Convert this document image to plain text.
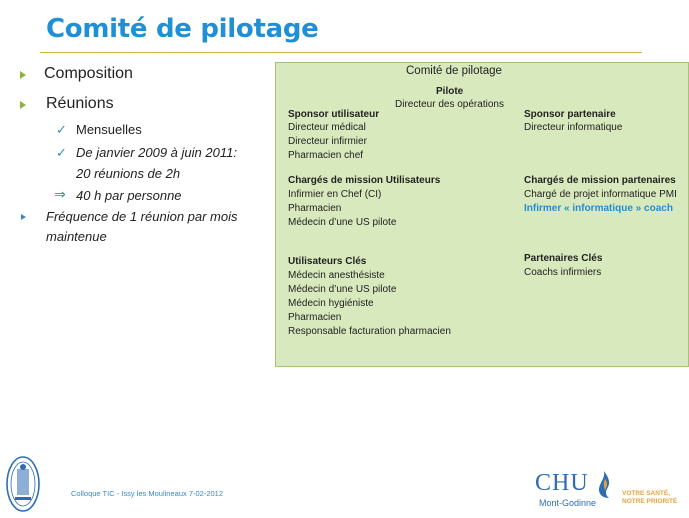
Comité de pilotage
Composition
Réunions
✓ Mensuelles
✓ De janvier 2009 à juin 2011:
20 réunions de 2h
⇒ 40 h par personne
Fréquence de 1 réunion par mois
maintenue
Comité de pilotage
Pilote
Directeur des opérations
Sponsor utilisateur
Directeur médical
Directeur infirmier
Pharmacien chef
Sponsor partenaire
Directeur informatique
Chargés de mission Utilisateurs
Infirmier en Chef (CI)
Pharmacien
Médecin d’une US pilote
Chargés de mission partenaires
Chargé de projet informatique PMI
Infirmer « informatique » coach
Utilisateurs Clés
Médecin anesthésiste
Médecin d’une US pilote
Médecin hygiéniste
Pharmacien
Responsable facturation pharmacien
Partenaires Clés
Coachs infirmiers
Colloque TIC - Issy les Moulineaux 7-02-2012	CHU
Mont-Godinne
VOTRE SANTÉ,
NOTRE PRIORITÉ
